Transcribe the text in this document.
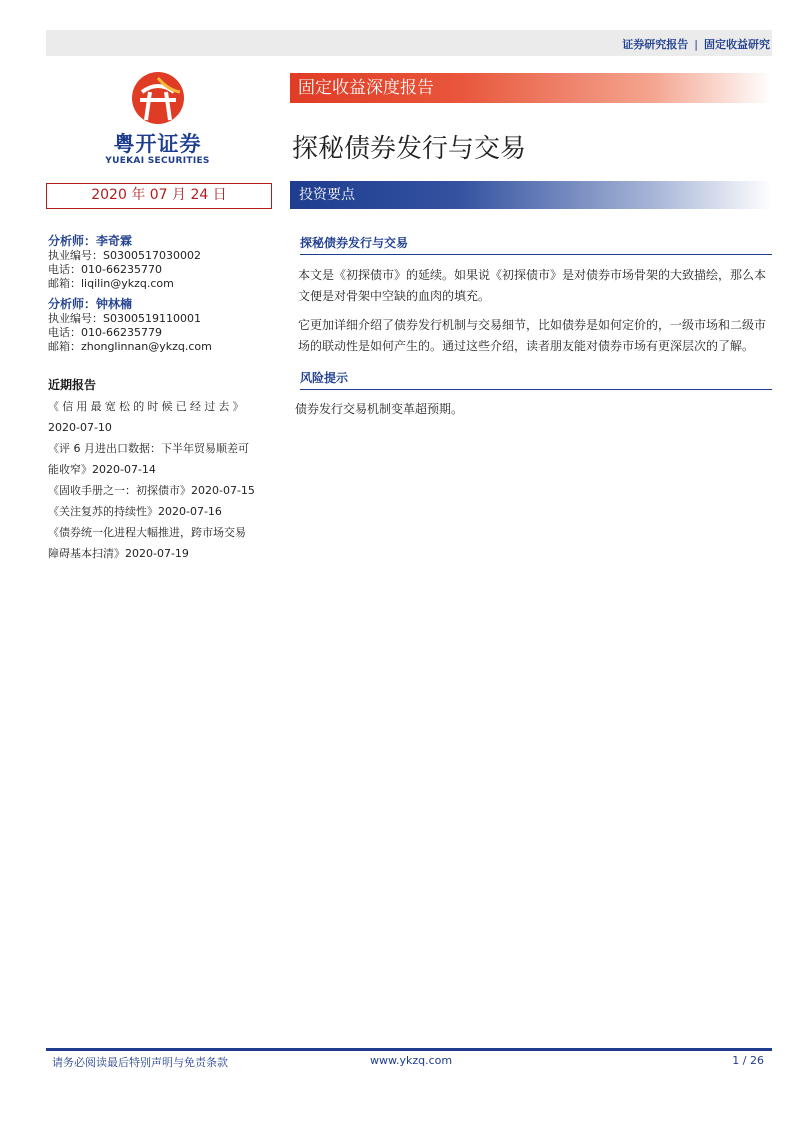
证券研究报告 | 固定收益研究
粤开证券
YUEKAI SECURITIES
固定收益深度报告
探秘债券发行与交易
2020 年 07 月 24 日	投资要点
分析师：李奇霖
执业编号：S0300517030002
电话：010-66235770
邮箱：liqilin@ykzq.com
分析师：钟林楠
执业编号：S0300519110001
电话：010-66235779
邮箱：zhonglinnan@ykzq.com
近期报告
《信用最宽松的时候已经过去》
2020-07-10
《评 6 月进出口数据：下半年贸易顺差可
能收窄》2020-07-14
《固收手册之一：初探债市》2020-07-15
《关注复苏的持续性》2020-07-16
《债券统一化进程大幅推进，跨市场交易
障碍基本扫清》2020-07-19
探秘债券发行与交易

本文是《初探债市》的延续。如果说《初探债市》是对债券市场骨架的大致描绘，那么本文便是对骨架中空缺的血肉的填充。

它更加详细介绍了债券发行机制与交易细节，比如债券是如何定价的，一级市场和二级市场的联动性是如何产生的。通过这些介绍，读者朋友能对债券市场有更深层次的了解。

风险提示

债券发行交易机制变革超预期。

请务必阅读最后特别声明与免责条款	www.ykzq.com	1 / 26
